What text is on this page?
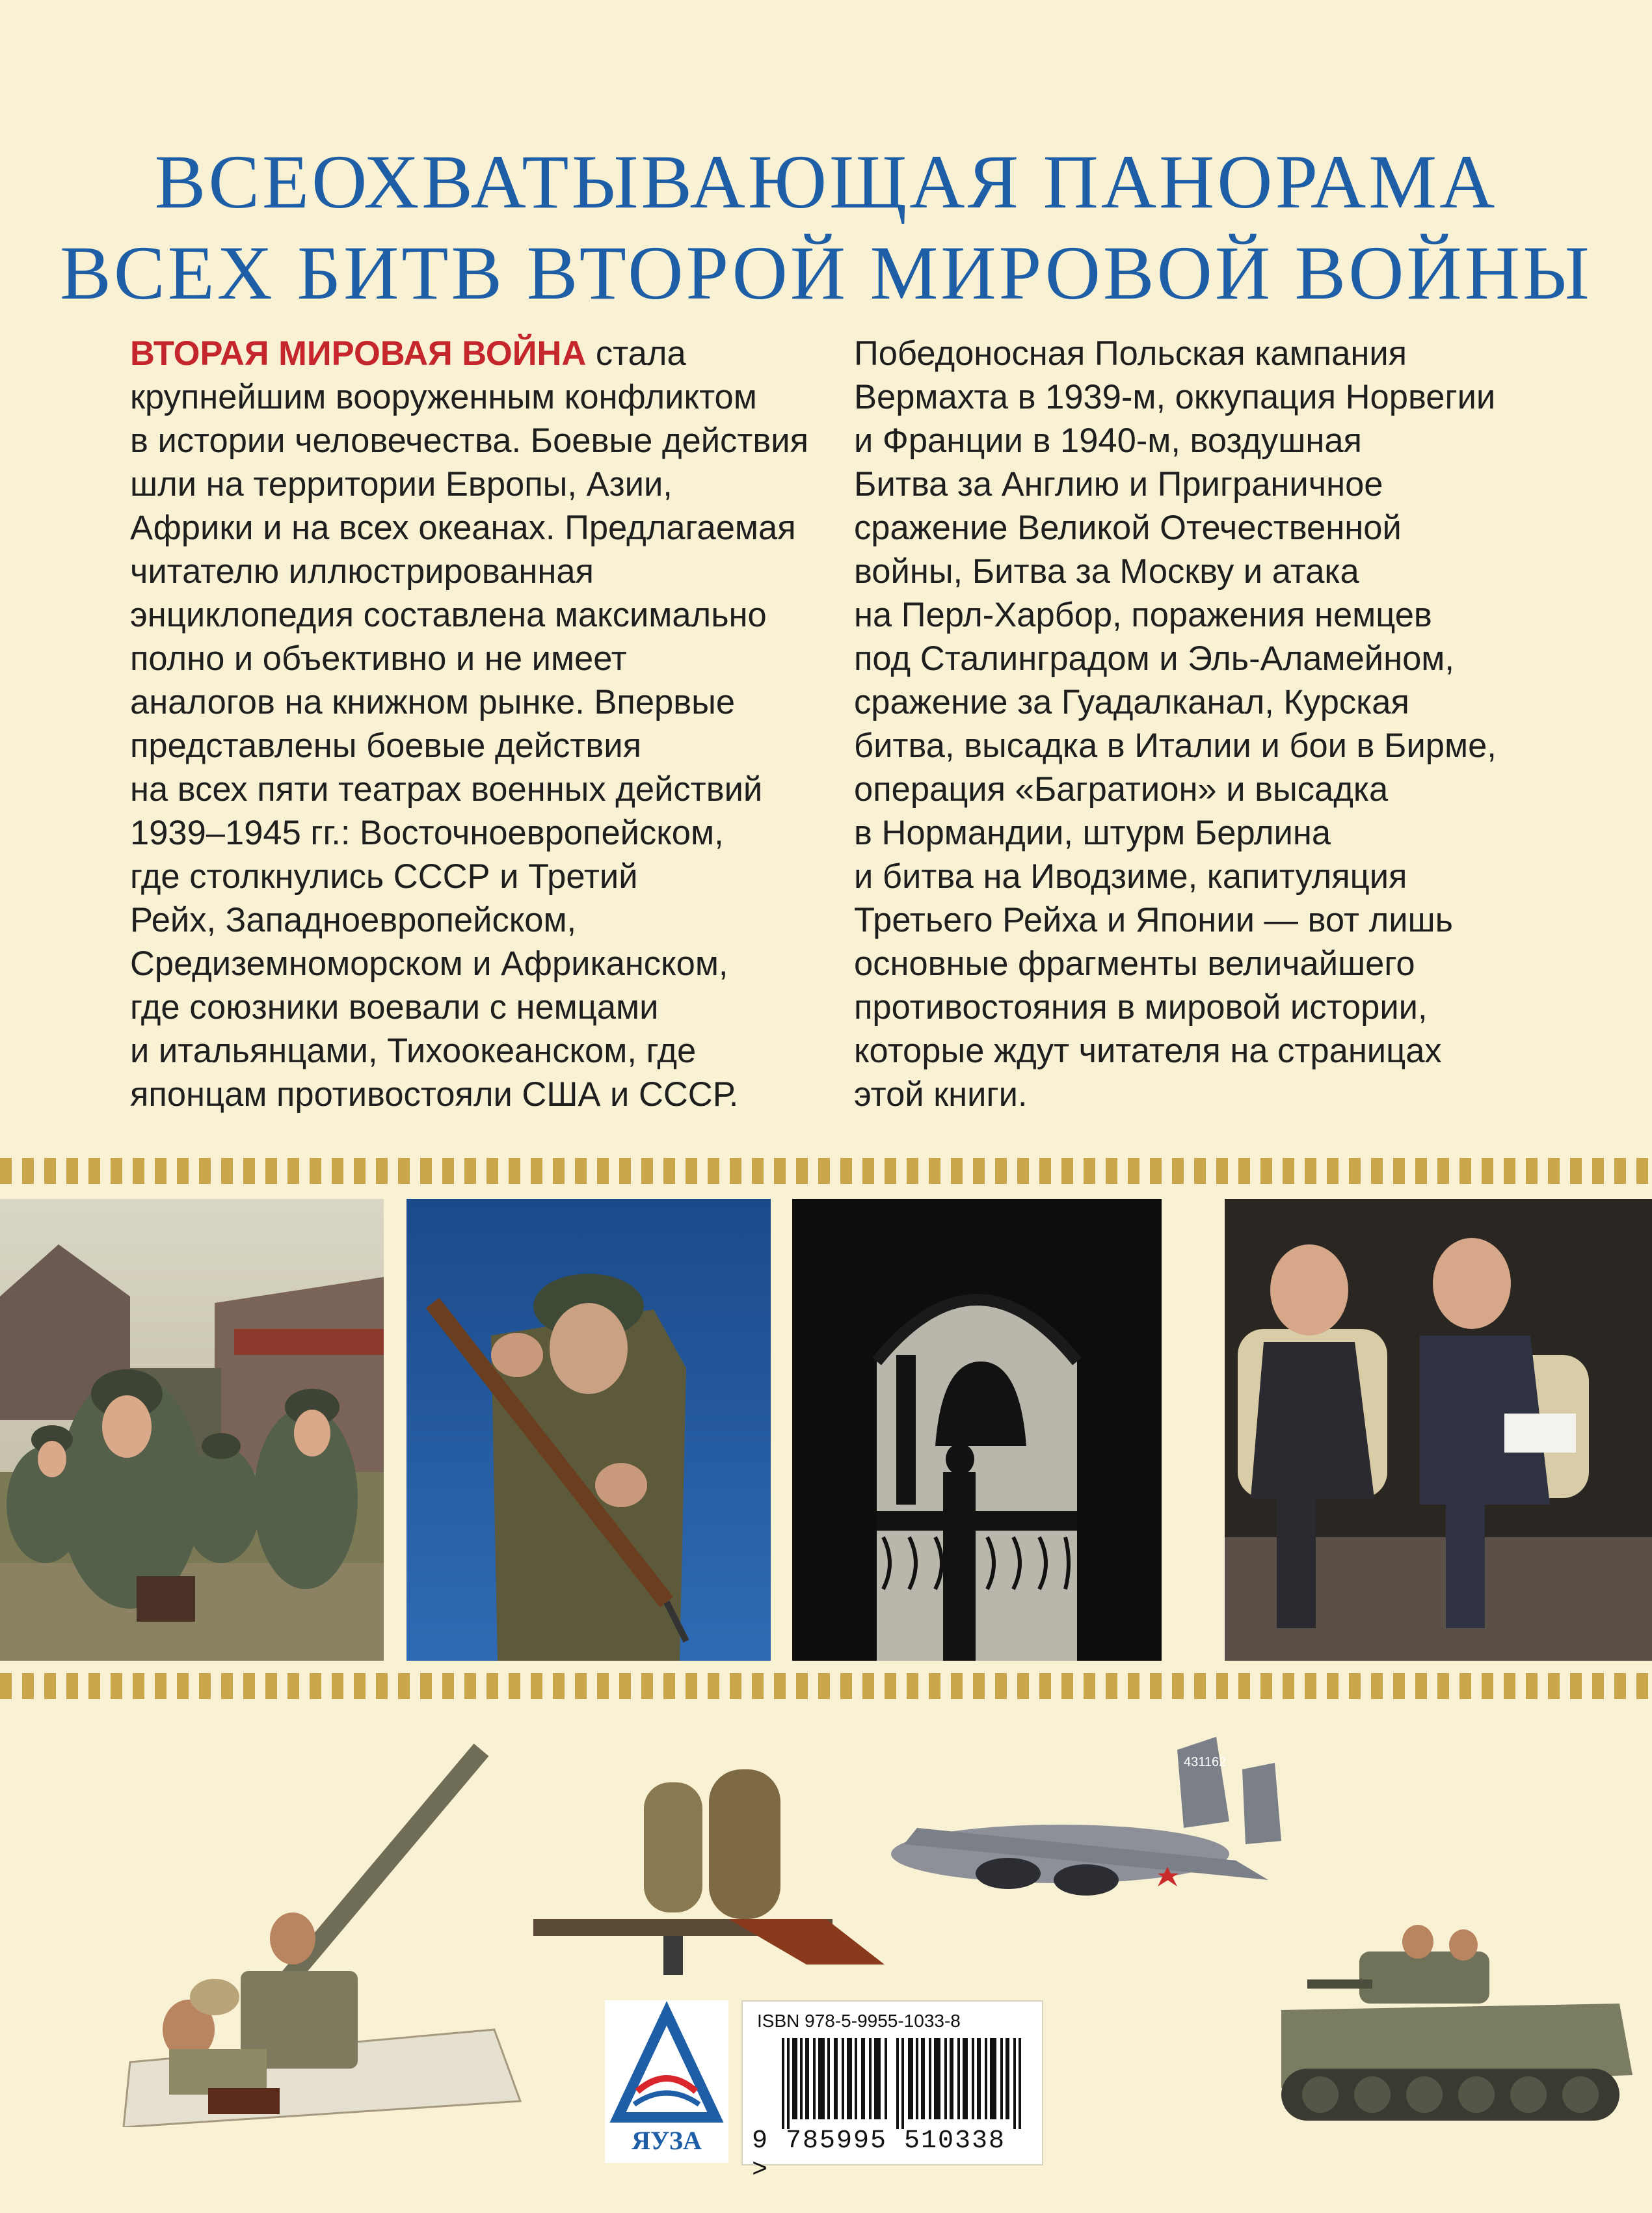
ВСЕОХВАТЫВАЮЩАЯ ПАНОРАМА
ВСЕХ БИТВ ВТОРОЙ МИРОВОЙ ВОЙНЫ
ВТОРАЯ МИРОВАЯ ВОЙНА стала
крупнейшим вооруженным конфликтом
в истории человечества. Боевые действия
шли на территории Европы, Азии,
Африки и на всех океанах. Предлагаемая
читателю иллюстрированная
энциклопедия составлена максимально
полно и объективно и не имеет
аналогов на книжном рынке. Впервые
представлены боевые действия
на всех пяти театрах военных действий
1939–1945 гг.: Восточноевропейском,
где столкнулись СССР и Третий
Рейх, Западноевропейском,
Средиземноморском и Африканском,
где союзники воевали с немцами
и итальянцами, Тихоокеанском, где
японцам противостояли США и СССР.
Победоносная Польская кампания
Вермахта в 1939-м, оккупация Норвегии
и Франции в 1940-м, воздушная
Битва за Англию и Приграничное
сражение Великой Отечественной
войны, Битва за Москву и атака
на Перл-Харбор, поражения немцев
под Сталинградом и Эль-Аламейном,
сражение за Гуадалканал, Курская
битва, высадка в Италии и бои в Бирме,
операция «Багратион» и высадка
в Нормандии, штурм Берлина
и битва на Иводзиме, капитуляция
Третьего Рейха и Японии — вот лишь
основные фрагменты величайшего
противостояния в мировой истории,
которые ждут читателя на страницах
этой книги.
431162
ЯУЗА
ISBN 978-5-9955-1033-8
9 785995 510338 >
